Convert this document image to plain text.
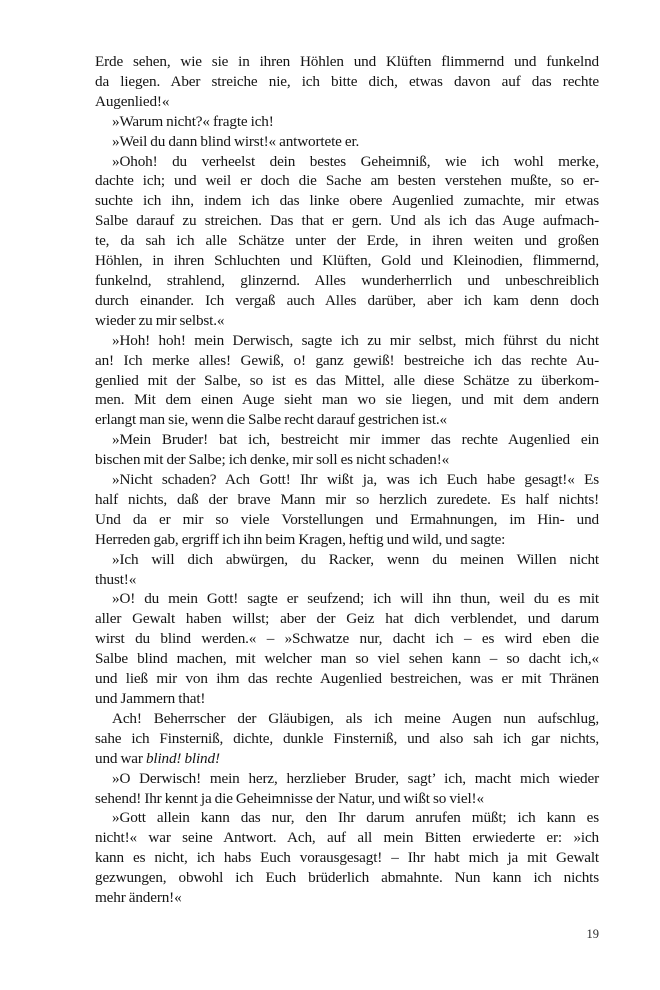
Erde sehen, wie sie in ihren Höhlen und Klüften flimmernd und funkelnd
da liegen. Aber streiche nie, ich bitte dich, etwas davon auf das rechte
Augenlied!«
»Warum nicht?« fragte ich!
»Weil du dann blind wirst!« antwortete er.
»Ohoh! du verheelst dein bestes Geheimniß, wie ich wohl merke,
dachte ich; und weil er doch die Sache am besten verstehen mußte, so er-
suchte ich ihn, indem ich das linke obere Augenlied zumachte, mir etwas
Salbe darauf zu streichen. Das that er gern. Und als ich das Auge aufmach-
te, da sah ich alle Schätze unter der Erde, in ihren weiten und großen
Höhlen, in ihren Schluchten und Klüften, Gold und Kleinodien, flimmernd,
funkelnd, strahlend, glinzernd. Alles wunderherrlich und unbeschreiblich
durch einander. Ich vergaß auch Alles darüber, aber ich kam denn doch
wieder zu mir selbst.«
»Hoh! hoh! mein Derwisch, sagte ich zu mir selbst, mich führst du nicht
an! Ich merke alles! Gewiß, o! ganz gewiß! bestreiche ich das rechte Au-
genlied mit der Salbe, so ist es das Mittel, alle diese Schätze zu überkom-
men. Mit dem einen Auge sieht man wo sie liegen, und mit dem andern
erlangt man sie, wenn die Salbe recht darauf gestrichen ist.«
»Mein Bruder! bat ich, bestreicht mir immer das rechte Augenlied ein
bischen mit der Salbe; ich denke, mir soll es nicht schaden!«
»Nicht schaden? Ach Gott! Ihr wißt ja, was ich Euch habe gesagt!« Es
half nichts, daß der brave Mann mir so herzlich zuredete. Es half nichts!
Und da er mir so viele Vorstellungen und Ermahnungen, im Hin- und
Herreden gab, ergriff ich ihn beim Kragen, heftig und wild, und sagte:
»Ich will dich abwürgen, du Racker, wenn du meinen Willen nicht
thust!«
»O! du mein Gott! sagte er seufzend; ich will ihn thun, weil du es mit
aller Gewalt haben willst; aber der Geiz hat dich verblendet, und darum
wirst du blind werden.« – »Schwatze nur, dacht ich – es wird eben die
Salbe blind machen, mit welcher man so viel sehen kann – so dacht ich,«
und ließ mir von ihm das rechte Augenlied bestreichen, was er mit Thränen
und Jammern that!
Ach! Beherrscher der Gläubigen, als ich meine Augen nun aufschlug,
sahe ich Finsterniß, dichte, dunkle Finsterniß, und also sah ich gar nichts,
und war blind! blind!
»O Derwisch! mein herz, herzlieber Bruder, sagt’ ich, macht mich wieder
sehend! Ihr kennt ja die Geheimnisse der Natur, und wißt so viel!«
»Gott allein kann das nur, den Ihr darum anrufen müßt; ich kann es
nicht!« war seine Antwort. Ach, auf all mein Bitten erwiederte er: »ich
kann es nicht, ich habs Euch vorausgesagt! – Ihr habt mich ja mit Gewalt
gezwungen, obwohl ich Euch brüderlich abmahnte. Nun kann ich nichts
mehr ändern!«
19
